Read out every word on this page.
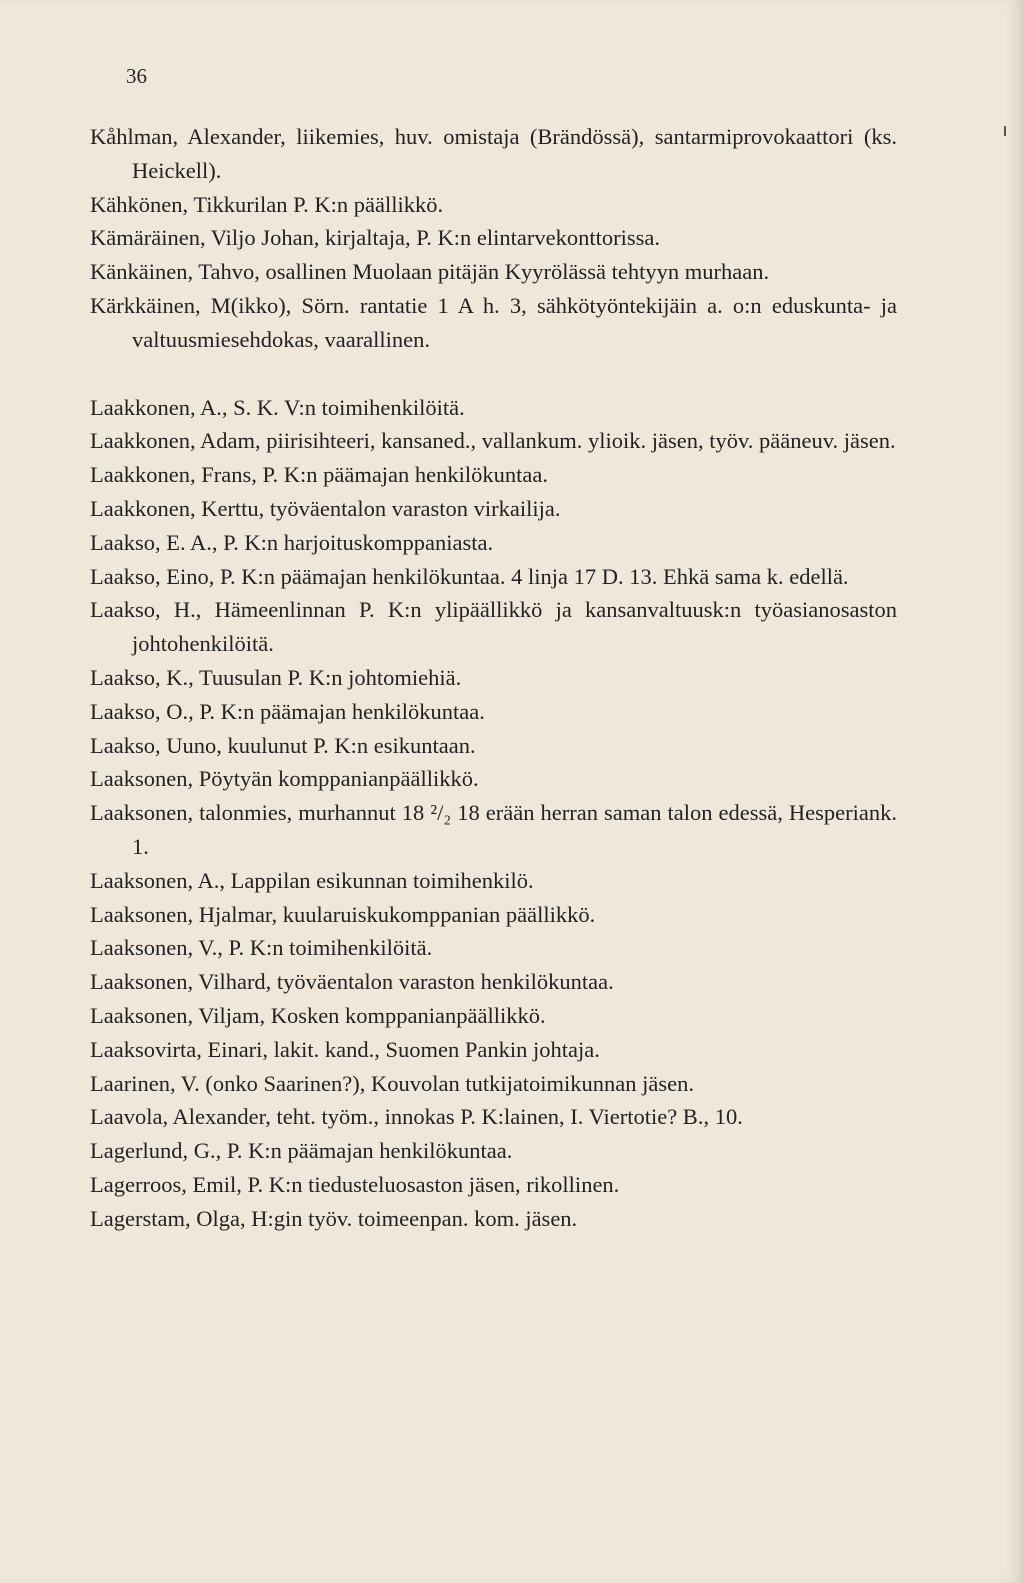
36
Kåhlman, Alexander, liikemies, huv. omistaja (Brändössä), santarmiprovokaattori (ks. Heickell).
Kähkönen, Tikkurilan P. K:n päällikkö.
Kämäräinen, Viljo Johan, kirjaltaja, P. K:n elintarvekonttorissa.
Känkäinen, Tahvo, osallinen Muolaan pitäjän Kyyrölässä tehtyyn murhaan.
Kärkkäinen, M(ikko), Sörn. rantatie 1 A h. 3, sähkötyöntekijäin a. o:n eduskunta- ja valtuusmiesehdokas, vaarallinen.
Laakkonen, A., S. K. V:n toimihenkilöitä.
Laakkonen, Adam, piirisihteeri, kansaned., vallankum. ylioik. jäsen, työv. pääneuv. jäsen.
Laakkonen, Frans, P. K:n päämajan henkilökuntaa.
Laakkonen, Kerttu, työväentalon varaston virkailija.
Laakso, E. A., P. K:n harjoituskomppaniasta.
Laakso, Eino, P. K:n päämajan henkilökuntaa. 4 linja 17 D. 13. Ehkä sama k. edellä.
Laakso, H., Hämeenlinnan P. K:n ylipäällikkö ja kansanvaltuusk:n työasianosaston johtohenkilöitä.
Laakso, K., Tuusulan P. K:n johtomiehiä.
Laakso, O., P. K:n päämajan henkilökuntaa.
Laakso, Uuno, kuulunut P. K:n esikuntaan.
Laaksonen, Pöytyän komppanianpäällikkö.
Laaksonen, talonmies, murhannut 18 ²/₂ 18 erään herran saman talon edessä, Hesperiank. 1.
Laaksonen, A., Lappilan esikunnan toimihenkilö.
Laaksonen, Hjalmar, kuularuiskukomppanian päällikkö.
Laaksonen, V., P. K:n toimihenkilöitä.
Laaksonen, Vilhard, työväentalon varaston henkilökuntaa.
Laaksonen, Viljam, Kosken komppanianpäällikkö.
Laaksovirta, Einari, lakit. kand., Suomen Pankin johtaja.
Laarinen, V. (onko Saarinen?), Kouvolan tutkijatoimikunnan jäsen.
Laavola, Alexander, teht. työm., innokas P. K:lainen, I. Viertotie? B., 10.
Lagerlund, G., P. K:n päämajan henkilökuntaa.
Lagerroos, Emil, P. K:n tiedusteluosaston jäsen, rikollinen.
Lagerstam, Olga, H:gin työv. toimeenpan. kom. jäsen.
